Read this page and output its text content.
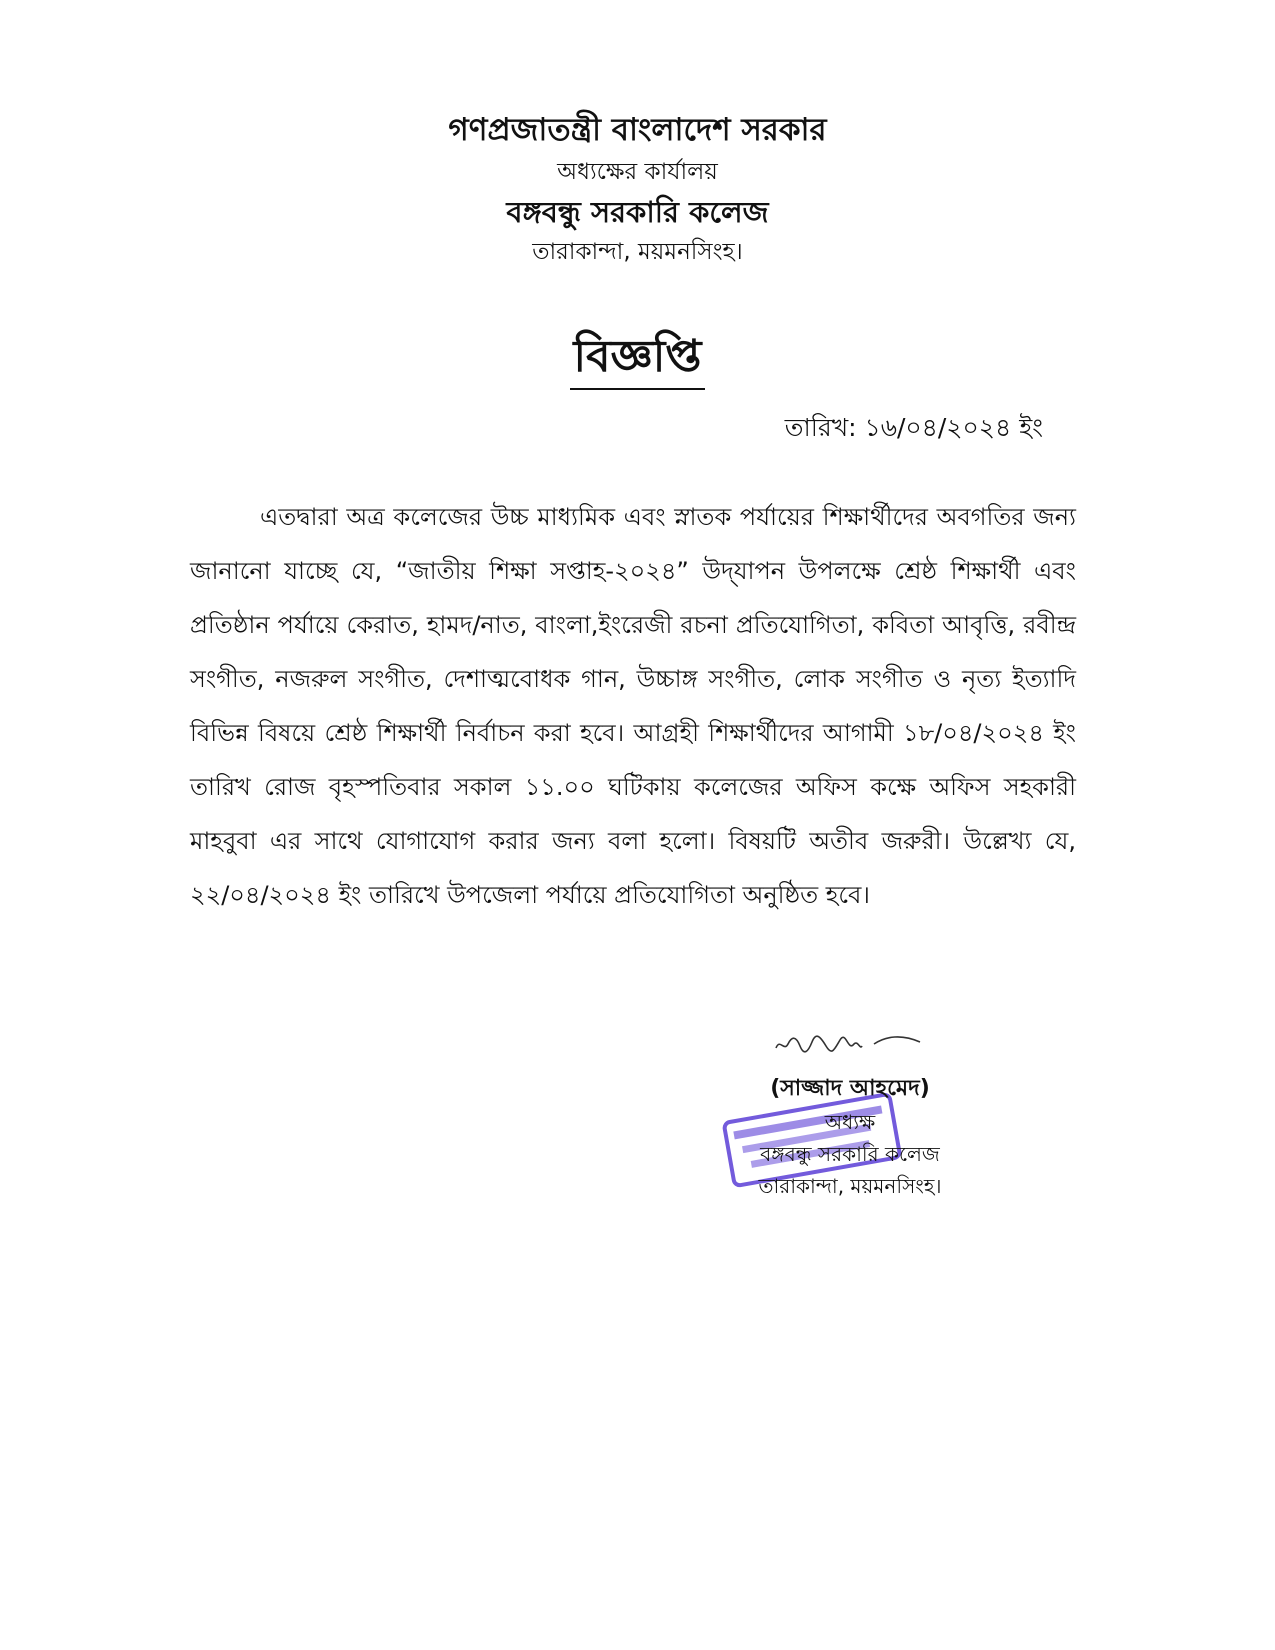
গণপ্রজাতন্ত্রী বাংলাদেশ সরকার

অধ্যক্ষের কার্যালয়

বঙ্গবন্ধু সরকারি কলেজ

তারাকান্দা, ময়মনসিংহ।

বিজ্ঞপ্তি
তারিখ: ১৬/০৪/২০২৪ ইং
এতদ্বারা অত্র কলেজের উচ্চ মাধ্যমিক এবং স্নাতক পর্যায়ের শিক্ষার্থীদের অবগতির জন্য জানানো যাচ্ছে যে, “জাতীয় শিক্ষা সপ্তাহ-২০২৪” উদ্‌যাপন উপলক্ষে শ্রেষ্ঠ শিক্ষার্থী এবং প্রতিষ্ঠান পর্যায়ে কেরাত, হামদ/নাত, বাংলা,ইংরেজী রচনা প্রতিযোগিতা, কবিতা আবৃত্তি, রবীন্দ্র সংগীত, নজরুল সংগীত, দেশাত্মবোধক গান, উচ্চাঙ্গ সংগীত, লোক সংগীত ও নৃত্য ইত্যাদি বিভিন্ন বিষয়ে শ্রেষ্ঠ শিক্ষার্থী নির্বাচন করা হবে। আগ্রহী শিক্ষার্থীদের আগামী ১৮/০৪/২০২৪ ইং তারিখ রোজ বৃহস্পতিবার সকাল ১১.০০ ঘটিকায় কলেজের অফিস কক্ষে অফিস সহকারী মাহবুবা এর সাথে যোগাযোগ করার জন্য বলা হলো। বিষয়টি অতীব জরুরী। উল্লেখ্য যে, ২২/০৪/২০২৪ ইং তারিখে উপজেলা পর্যায়ে প্রতিযোগিতা অনুষ্ঠিত হবে।
(সাজ্জাদ আহমেদ)
অধ্যক্ষ
বঙ্গবন্ধু সরকারি কলেজ
তারাকান্দা, ময়মনসিংহ।
